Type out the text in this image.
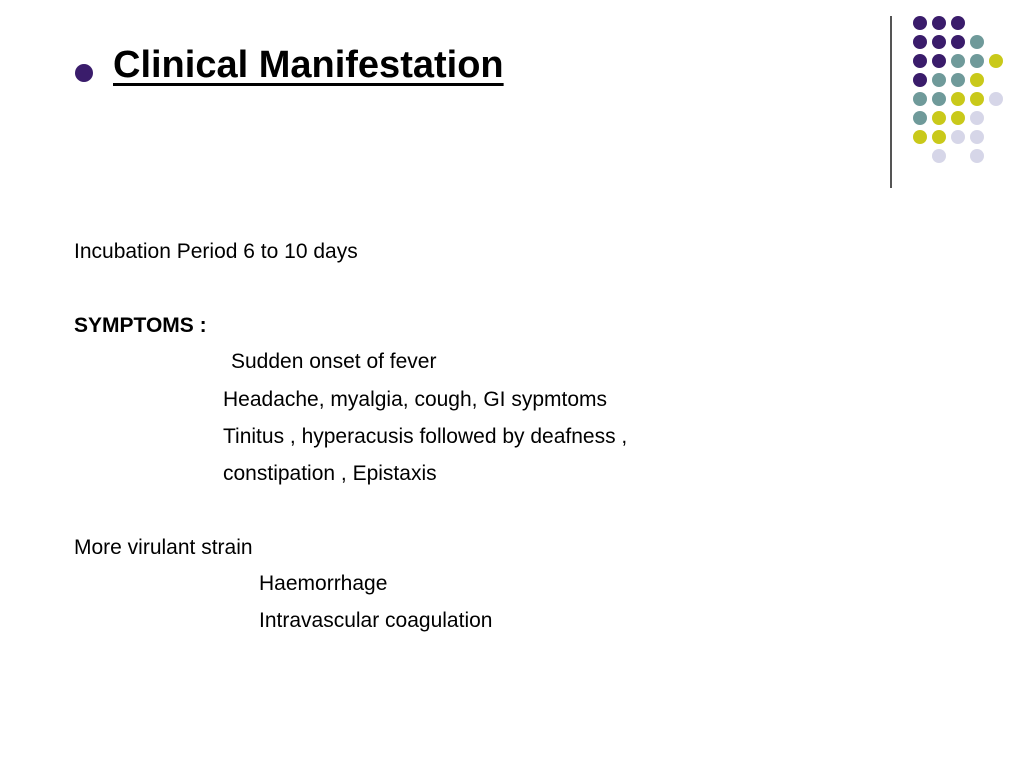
Clinical Manifestation
Incubation Period 6 to 10 days
SYMPTOMS :
Sudden onset of fever
Headache, myalgia, cough, GI sypmtoms
Tinitus , hyperacusis followed by deafness ,
constipation , Epistaxis
More virulant strain
Haemorrhage
Intravascular coagulation
